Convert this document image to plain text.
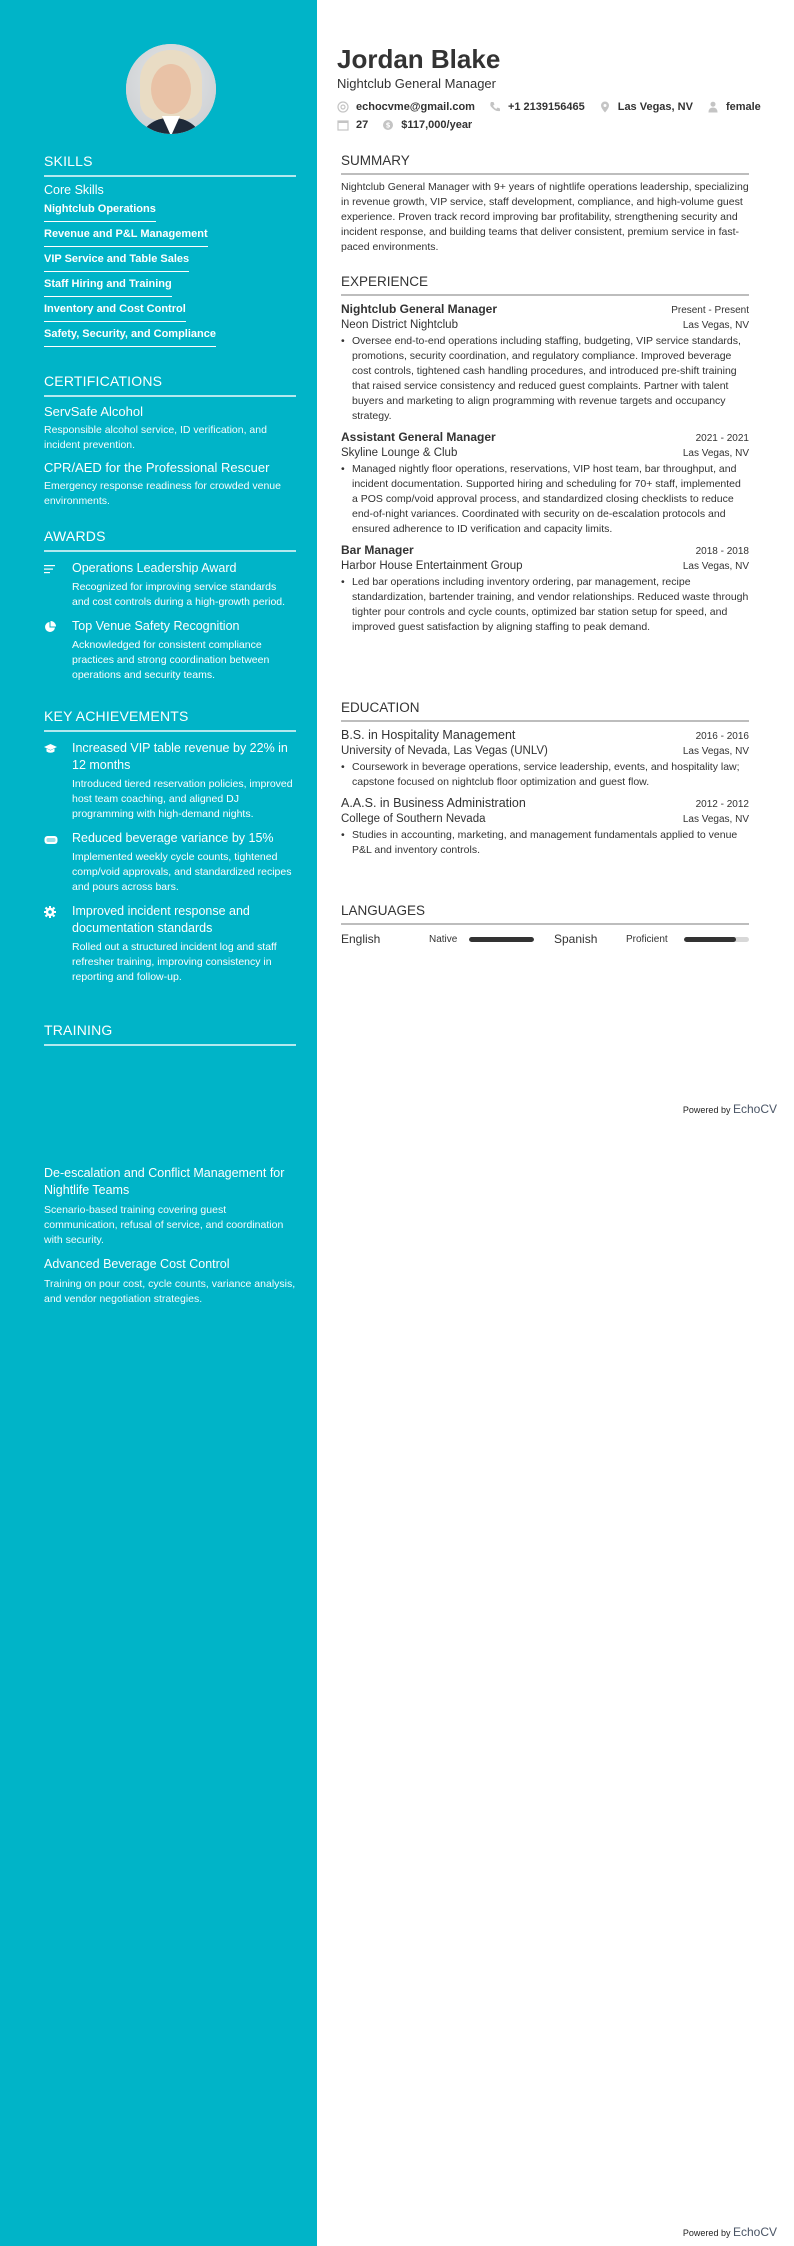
SKILLS
Core Skills
Nightclub Operations
Revenue and P&L Management
VIP Service and Table Sales
Staff Hiring and Training
Inventory and Cost Control
Safety, Security, and Compliance
CERTIFICATIONS
ServSafe Alcohol
Responsible alcohol service, ID verification, and incident prevention.
CPR/AED for the Professional Rescuer
Emergency response readiness for crowded venue environments.
AWARDS
Operations Leadership Award
Recognized for improving service standards and cost controls during a high-growth period.
Top Venue Safety Recognition
Acknowledged for consistent compliance practices and strong coordination between operations and security teams.
KEY ACHIEVEMENTS
Increased VIP table revenue by 22% in 12 months
Introduced tiered reservation policies, improved host team coaching, and aligned DJ programming with high-demand nights.
Reduced beverage variance by 15%
Implemented weekly cycle counts, tightened comp/void approvals, and standardized recipes and pours across bars.
Improved incident response and documentation standards
Rolled out a structured incident log and staff refresher training, improving consistency in reporting and follow-up.
TRAINING
De-escalation and Conflict Management for Nightlife Teams
Scenario-based training covering guest communication, refusal of service, and coordination with security.
Advanced Beverage Cost Control
Training on pour cost, cycle counts, variance analysis, and vendor negotiation strategies.
Jordan Blake
Nightclub General Manager
echocvme@gmail.com	+1 2139156465	Las Vegas, NV	female
27	$ $117,000/year
SUMMARY
Nightclub General Manager with 9+ years of nightlife operations leadership, specializing in revenue growth, VIP service, staff development, compliance, and high-volume guest experience. Proven track record improving bar profitability, strengthening security and incident response, and building teams that deliver consistent, premium service in fast-paced environments.
EXPERIENCE
Nightclub General Manager	Present - Present
Neon District Nightclub	Las Vegas, NV
• Oversee end-to-end operations including staffing, budgeting, VIP service standards, promotions, security coordination, and regulatory compliance. Improved beverage cost controls, tightened cash handling procedures, and introduced pre-shift training that raised service consistency and reduced guest complaints. Partner with talent buyers and marketing to align programming with revenue targets and occupancy strategy.
Assistant General Manager	2021 - 2021
Skyline Lounge & Club	Las Vegas, NV
• Managed nightly floor operations, reservations, VIP host team, bar throughput, and incident documentation. Supported hiring and scheduling for 70+ staff, implemented a POS comp/void approval process, and standardized closing checklists to reduce end-of-night variances. Coordinated with security on de-escalation protocols and ensured adherence to ID verification and capacity limits.
Bar Manager	2018 - 2018
Harbor House Entertainment Group	Las Vegas, NV
• Led bar operations including inventory ordering, par management, recipe standardization, bartender training, and vendor relationships. Reduced waste through tighter pour controls and cycle counts, optimized bar station setup for speed, and improved guest satisfaction by aligning staffing to peak demand.
EDUCATION
B.S. in Hospitality Management	2016 - 2016
University of Nevada, Las Vegas (UNLV)	Las Vegas, NV
• Coursework in beverage operations, service leadership, events, and hospitality law; capstone focused on nightclub floor optimization and guest flow.
A.A.S. in Business Administration	2012 - 2012
College of Southern Nevada	Las Vegas, NV
• Studies in accounting, marketing, and management fundamentals applied to venue P&L and inventory controls.
LANGUAGES
English	Native	Spanish	Proficient
Powered by EchoCV
Powered by EchoCV
